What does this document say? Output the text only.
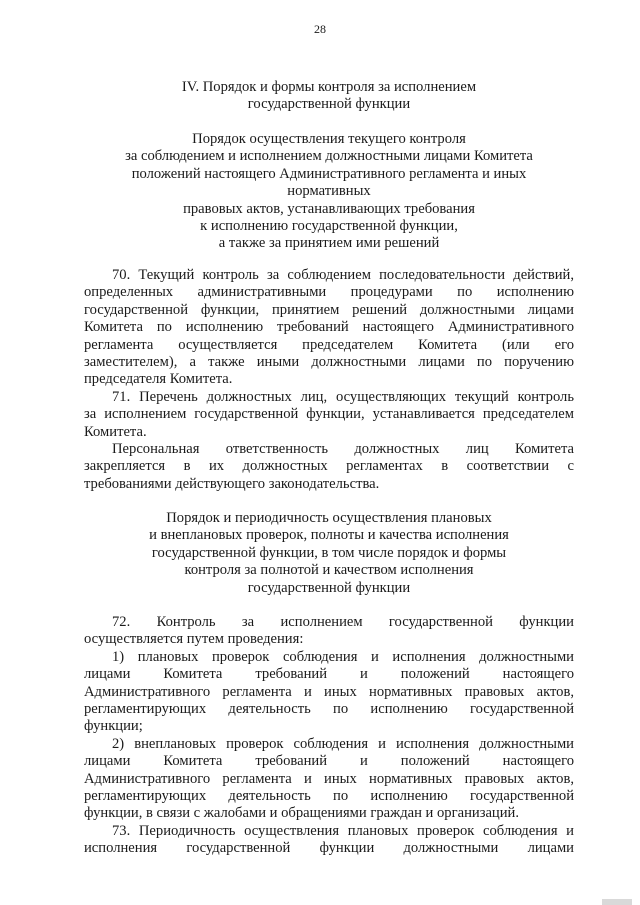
28
IV. Порядок и формы контроля за исполнением
государственной функции
Порядок осуществления текущего контроля
за соблюдением и исполнением должностными лицами Комитета
положений настоящего Административного регламента и иных
нормативных
правовых актов, устанавливающих требования
к исполнению государственной функции,
а также за принятием ими решений
70. Текущий контроль за соблюдением последовательности действий,
определенных административными процедурами по исполнению
государственной функции, принятием решений должностными лицами
Комитета по исполнению требований настоящего Административного
регламента осуществляется председателем Комитета (или его
заместителем), а также иными должностными лицами по поручению
председателя Комитета.
71. Перечень должностных лиц, осуществляющих текущий контроль
за исполнением государственной функции, устанавливается председателем
Комитета.
Персональная ответственность должностных лиц Комитета
закрепляется в их должностных регламентах в соответствии с
требованиями действующего законодательства.
Порядок и периодичность осуществления плановых
и внеплановых проверок, полноты и качества исполнения
государственной функции, в том числе порядок и формы
контроля за полнотой и качеством исполнения
государственной функции
72. Контроль за исполнением государственной функции
осуществляется путем проведения:
1) плановых проверок соблюдения и исполнения должностными
лицами Комитета требований и положений настоящего
Административного регламента и иных нормативных правовых актов,
регламентирующих деятельность по исполнению государственной
функции;
2) внеплановых проверок соблюдения и исполнения должностными
лицами Комитета требований и положений настоящего
Административного регламента и иных нормативных правовых актов,
регламентирующих деятельность по исполнению государственной
функции, в связи с жалобами и обращениями граждан и организаций.
73. Периодичность осуществления плановых проверок соблюдения и
исполнения государственной функции должностными лицами
